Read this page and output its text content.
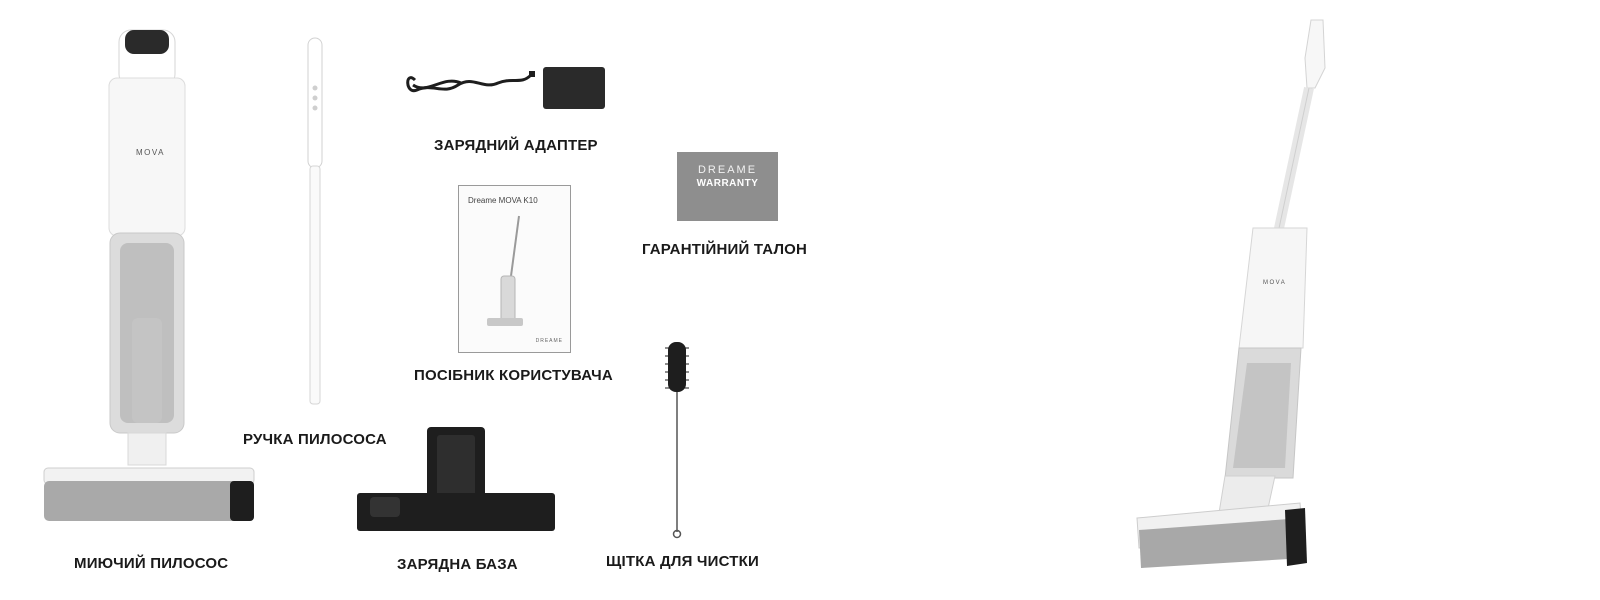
MOVA
МИЮЧИЙ ПИЛОСОС
РУЧКА ПИЛОСОСА
ЗАРЯДНИЙ АДАПТЕР
Dreame MOVA K10
DREAME
ПОСІБНИК КОРИСТУВАЧА
ЗАРЯДНА БАЗА
DREAME
WARRANTY
ГАРАНТІЙНИЙ ТАЛОН
ЩІТКА ДЛЯ ЧИСТКИ
MOVA
